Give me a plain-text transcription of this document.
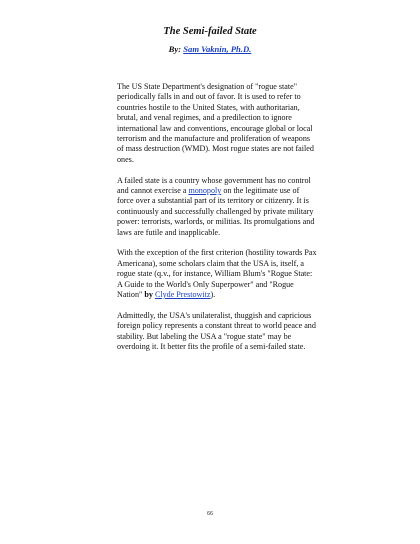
The Semi-failed State

By: Sam Vaknin, Ph.D.

The US State Department's designation of "rogue state" periodically falls in and out of favor. It is used to refer to countries hostile to the United States, with authoritarian, brutal, and venal regimes, and a predilection to ignore international law and conventions, encourage global or local terrorism and the manufacture and proliferation of weapons of mass destruction (WMD). Most rogue states are not failed ones.

A failed state is a country whose government has no control and cannot exercise a monopoly on the legitimate use of force over a substantial part of its territory or citizenry. It is continuously and successfully challenged by private military power: terrorists, warlords, or militias. Its promulgations and laws are futile and inapplicable.

With the exception of the first criterion (hostility towards Pax Americana), some scholars claim that the USA is, itself, a rogue state (q.v., for instance, William Blum's "Rogue State: A Guide to the World's Only Superpower" and "Rogue Nation" by Clyde Prestowitz).

Admittedly, the USA's unilateralist, thuggish and capricious foreign policy represents a constant threat to world peace and stability. But labeling the USA a "rogue state" may be overdoing it. It better fits the profile of a semi-failed state.

66
